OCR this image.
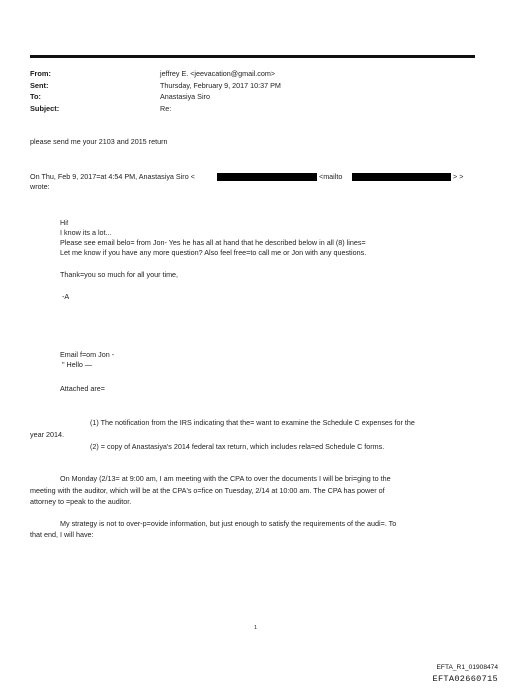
From:	jeffrey E. <jeevacation@gmail.com>
Sent:	Thursday, February 9, 2017 10:37 PM
To:	Anastasiya Siro
Subject:	Re:
please send me your 2103 and 2015 return
On Thu, Feb 9, 2017=at 4:54 PM, Anastasiya Siro <	<mailto	> >
wrote:
Hi!
I know its a lot...
Please see email belo= from Jon- Yes he has all at hand that he described below in all (8) lines=
Let me know if you have any more question? Also feel free=to call me or Jon with any questions.
Thank=you so much for all your time,
-A
Email f=om Jon -
" Hello —
Attached are=
(1) The notification from the IRS indicating that the= want to examine the Schedule C expenses for the
year 2014.
(2) = copy of Anastasiya's 2014 federal tax return, which includes rela=ed Schedule C forms.
On Monday (2/13= at 9:00 am, I am meeting with the CPA to over the documents I will be bri=ging to the
meeting with the auditor, which will be at the CPA's o=fice on Tuesday, 2/14 at 10:00 am. The CPA has power of
attorney to =peak to the auditor.
My strategy is not to over-p=ovide information, but just enough to satisfy the requirements of the audi=. To
that end, I will have:
1
EFTA_R1_01908474
EFTA02660715
